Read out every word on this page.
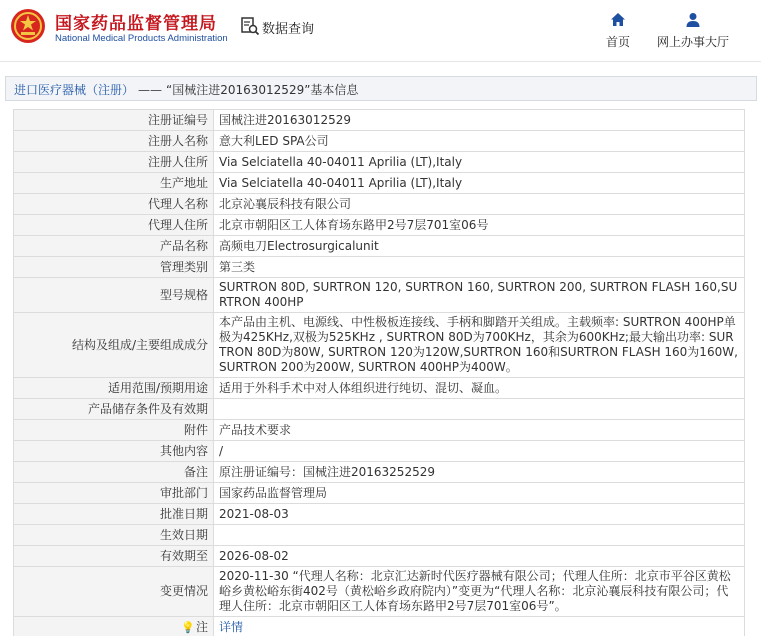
国家药品监督管理局
National Medical Products Administration
数据查询
首页 网上办事大厅
进口医疗器械（注册） —— “国械注进20163012529”基本信息
注册证编号	国械注进20163012529
注册人名称	意大利LED SPA公司
注册人住所	Via Selciatella 40-04011 Aprilia (LT),Italy
生产地址	Via Selciatella 40-04011 Aprilia (LT),Italy
代理人名称	北京沁襄辰科技有限公司
代理人住所	北京市朝阳区工人体育场东路甲2号7层701室06号
产品名称	高频电刀Electrosurgicalunit
管理类别	第三类
型号规格	SURTRON 80D, SURTRON 120, SURTRON 160, SURTRON 200, SURTRON FLASH 160,SURTRON 400HP
结构及组成/主要组成成分	本产品由主机、电源线、中性极板连接线、手柄和脚踏开关组成。主载频率: SURTRON 400HP单极为425KHz,双极为525KHz , SURTRON 80D为700KHz，其余为600KHz;最大输出功率: SURTRON 80D为80W, SURTRON 120为120W,SURTRON 160和SURTRON FLASH 160为160W, SURTRON 200为200W, SURTRON 400HP为400W。
适用范围/预期用途	适用于外科手术中对人体组织进行纯切、混切、凝血。
产品储存条件及有效期	
附件	产品技术要求
其他内容	/
备注	原注册证编号：国械注进20163252529
审批部门	国家药品监督管理局
批准日期	2021-08-03
生效日期	
有效期至	2026-08-02
变更情况	2020-11-30 “代理人名称：北京汇达新时代医疗器械有限公司；代理人住所：北京市平谷区黄松峪乡黄松峪东街402号（黄松峪乡政府院内）”变更为“代理人名称：北京沁襄辰科技有限公司；代理人住所：北京市朝阳区工人体育场东路甲2号7层701室06号”。
💡注	详情
